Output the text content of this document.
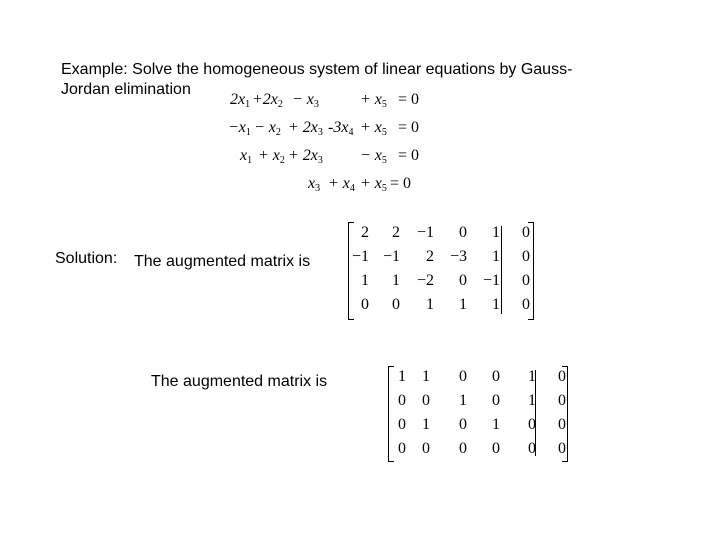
Example: Solve the homogeneous system of linear equations by Gauss-
Jordan elimination
$2x_1 +2x_2 - x_3$	+ $x_5 = 0$
$-x_1 - x_2 + 2x_3$ $-3x_4 + x_5 = 0$
$x_1 + x_2 + 2x_3 - x_5 = 0$
$x_3 + x_4 + x_5 = 0$
Solution: The augmented matrix is
2	2	−1	0	1	0
−1 −1	2 −3	1	0
1	1	−2	0 −1	0
0	0	1	1	1	0
The augmented matrix is	1	1	0	0	1	0
0	0	1	0	1	0
0	1	0	1	0	0
0	0	0	0	0	0
